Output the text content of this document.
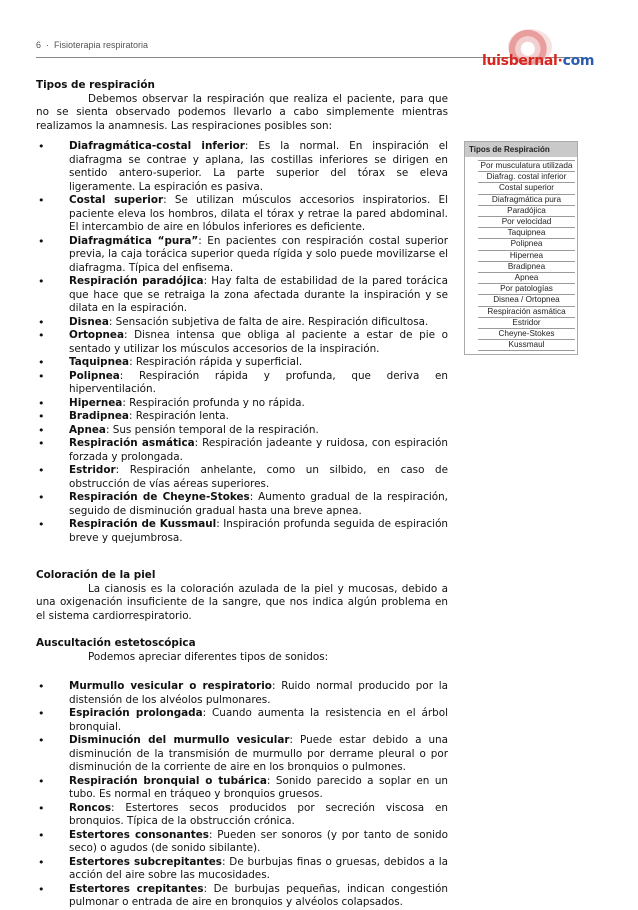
6 · Fisioterapia respiratoria
luisbernal·com

Tipos de respiración

Debemos observar la respiración que realiza el paciente, para que no se sienta observado podemos llevarlo a cabo simplemente mientras realizamos la anamnesis. Las respiraciones posibles son:

• Diafragmática-costal inferior: Es la normal. En inspiración el diafragma se contrae y aplana, las costillas inferiores se dirigen en sentido antero-superior. La parte superior del tórax se eleva ligeramente. La espiración es pasiva.
• Costal superior: Se utilizan músculos accesorios inspiratorios. El paciente eleva los hombros, dilata el tórax y retrae la pared abdominal. El intercambio de aire en lóbulos inferiores es deficiente.
• Diafragmática “pura”: En pacientes con respiración costal superior previa, la caja torácica superior queda rígida y solo puede movilizarse el diafragma. Típica del enfisema.
• Respiración paradójica: Hay falta de estabilidad de la pared torácica que hace que se retraiga la zona afectada durante la inspiración y se dilata en la espiración.
• Disnea: Sensación subjetiva de falta de aire. Respiración dificultosa.
• Ortopnea: Disnea intensa que obliga al paciente a estar de pie o sentado y utilizar los músculos accesorios de la inspiración.
• Taquipnea: Respiración rápida y superficial.
• Polipnea: Respiración rápida y profunda, que deriva en hiperventilación.
• Hipernea: Respiración profunda y no rápida.
• Bradipnea: Respiración lenta.
• Apnea: Sus pensión temporal de la respiración.
• Respiración asmática: Respiración jadeante y ruidosa, con espiración forzada y prolongada.
• Estridor: Respiración anhelante, como un silbido, en caso de obstrucción de vías aéreas superiores.
• Respiración de Cheyne-Stokes: Aumento gradual de la respiración, seguido de disminución gradual hasta una breve apnea.
• Respiración de Kussmaul: Inspiración profunda seguida de espiración breve y quejumbrosa.

Coloración de la piel

La cianosis es la coloración azulada de la piel y mucosas, debido a una oxigenación insuficiente de la sangre, que nos indica algún problema en el sistema cardiorrespiratorio.

Auscultación estetoscópica

Podemos apreciar diferentes tipos de sonidos:

• Murmullo vesicular o respiratorio: Ruido normal producido por la distensión de los alvéolos pulmonares.
• Espiración prolongada: Cuando aumenta la resistencia en el árbol bronquial.
• Disminución del murmullo vesicular: Puede estar debido a una disminución de la transmisión de murmullo por derrame pleural o por disminución de la corriente de aire en los bronquios o pulmones.
• Respiración bronquial o tubárica: Sonido parecido a soplar en un tubo. Es normal en tráqueo y bronquios gruesos.
• Roncos: Estertores secos producidos por secreción viscosa en bronquios. Típica de la obstrucción crónica.
• Estertores consonantes: Pueden ser sonoros (y por tanto de sonido seco) o agudos (de sonido sibilante).
• Estertores subcrepitantes: De burbujas finas o gruesas, debidos a la acción del aire sobre las mucosidades.
• Estertores crepitantes: De burbujas pequeñas, indican congestión pulmonar o entrada de aire en bronquios y alvéolos colapsados.
Tipos de Respiración
Por musculatura utilizada
Diafrag. costal inferior
Costal superior
Diafragmática pura
Paradójica
Por velocidad
Taquipnea
Polipnea
Hipernea
Bradipnea
Apnea
Por patologías
Disnea / Ortopnea
Respiración asmática
Estridor
Cheyne-Stokes
Kussmaul
